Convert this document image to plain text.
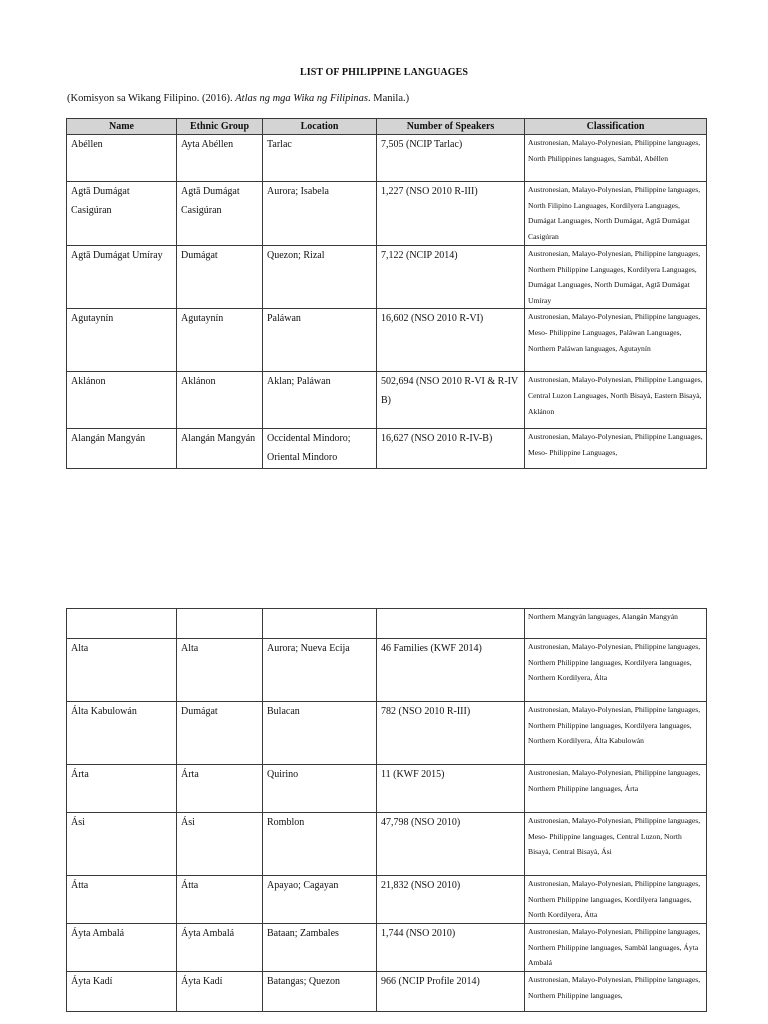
LIST OF PHILIPPINE LANGUAGES
(Komisyon sa Wikang Filipino. (2016). Atlas ng mga Wika ng Filipinas. Manila.)
Name	Ethnic Group	Location	Number of Speakers	Classification
Abéllen	Ayta Abéllen	Tarlac	7,505 (NCIP Tarlac)	Austronesian, Malayo-Polynesian, Philippine languages, North Philippines languages, Sambàl, Abéllen
Agtā Dumágat Casigúran	Agtā Dumágat Casigúran	Aurora; Isabela	1,227 (NSO 2010 R-III)	Austronesian, Malayo-Polynesian, Philippine languages, North Filipino Languages, Kordilyera Languages, Dumágat Languages, North Dumágat, Agtā Dumágat Casigúran
Agtā Dumágat Umíray	Dumágat	Quezon; Rizal	7,122 (NCIP 2014)	Austronesian, Malayo-Polynesian, Philippine languages, Northern Philippine Languages, Kordilyera Languages, Dumágat Languages, North Dumágat, Agtā Dumágat Umíray
Agutaynín	Agutaynín	Paláwan	16,602 (NSO 2010 R-VI)	Austronesian, Malayo-Polynesian, Philippine languages, Meso- Philippine Languages, Paláwan Languages, Northern Paláwan languages, Agutaynín
Aklánon	Aklánon	Aklan; Paláwan	502,694 (NSO 2010 R-VI & R-IV B)	Austronesian, Malayo-Polynesian, Philippine Languages, Central Luzon Languages, North Bisayà, Eastern Bisayà, Aklánon
Alangán Mangyán	Alangán Mangyán	Occidental Mindoro; Oriental Mindoro	16,627 (NSO 2010 R-IV-B)	Austronesian, Malayo-Polynesian, Philippine Languages, Meso- Philippine Languages,
				Northern Mangyán languages, Alangán Mangyán
Alta	Alta	Aurora; Nueva Ecija	46 Families (KWF 2014)	Austronesian, Malayo-Polynesian, Philippine languages, Northern Philippine languages, Kordilyera languages, Northern Kordilyera, Álta
Álta Kabulowán	Dumágat	Bulacan	782 (NSO 2010 R-III)	Austronesian, Malayo-Polynesian, Philippine languages, Northern Philippine languages, Kordilyera languages, Northern Kordilyera, Álta Kabulowán
Árta	Árta	Quirino	11 (KWF 2015)	Austronesian, Malayo-Polynesian, Philippine languages, Northern Philippine languages, Árta
Ási	Ási	Romblon	47,798 (NSO 2010)	Austronesian, Malayo-Polynesian, Philippine languages, Meso- Philippine languages, Central Luzon, North Bisayà, Central Bisayà, Ási
Átta	Átta	Apayao; Cagayan	21,832 (NSO 2010)	Austronesian, Malayo-Polynesian, Philippine languages, Northern Philippine languages, Kordilyera languages, North Kordilyera, Átta
Áyta Ambalá	Áyta Ambalá	Bataan; Zambales	1,744 (NSO 2010)	Austronesian, Malayo-Polynesian, Philippine languages, Northern Philippine languages, Sambàl languages, Áyta Ambalá
Áyta Kadí	Áyta Kadí	Batangas; Quezon	966 (NCIP Profile 2014)	Austronesian, Malayo-Polynesian, Philippine languages, Northern Philippine languages,
